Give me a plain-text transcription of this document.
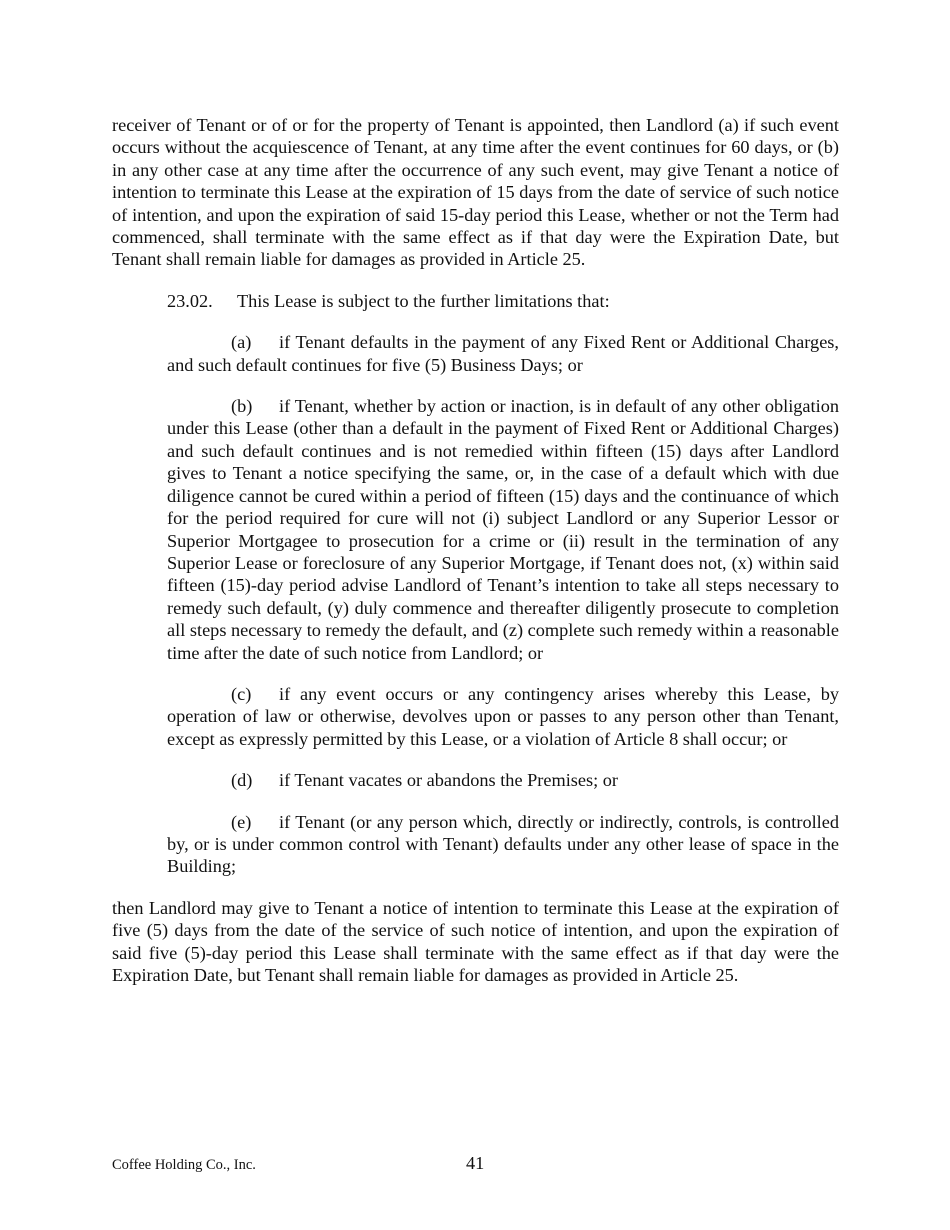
receiver of Tenant or of or for the property of Tenant is appointed, then Landlord (a) if such event occurs without the acquiescence of Tenant, at any time after the event continues for 60 days, or (b) in any other case at any time after the occurrence of any such event, may give Tenant a notice of intention to terminate this Lease at the expiration of 15 days from the date of service of such notice of intention, and upon the expiration of said 15-day period this Lease, whether or not the Term had commenced, shall terminate with the same effect as if that day were the Expiration Date, but Tenant shall remain liable for damages as provided in Article 25.

23.02. This Lease is subject to the further limitations that:

(a) if Tenant defaults in the payment of any Fixed Rent or Additional Charges, and such default continues for five (5) Business Days; or

(b) if Tenant, whether by action or inaction, is in default of any other obligation under this Lease (other than a default in the payment of Fixed Rent or Additional Charges) and such default continues and is not remedied within fifteen (15) days after Landlord gives to Tenant a notice specifying the same, or, in the case of a default which with due diligence cannot be cured within a period of fifteen (15) days and the continuance of which for the period required for cure will not (i) subject Landlord or any Superior Lessor or Superior Mortgagee to prosecution for a crime or (ii) result in the termination of any Superior Lease or foreclosure of any Superior Mortgage, if Tenant does not, (x) within said fifteen (15)-day period advise Landlord of Tenant’s intention to take all steps necessary to remedy such default, (y) duly commence and thereafter diligently prosecute to completion all steps necessary to remedy the default, and (z) complete such remedy within a reasonable time after the date of such notice from Landlord; or

(c) if any event occurs or any contingency arises whereby this Lease, by operation of law or otherwise, devolves upon or passes to any person other than Tenant, except as expressly permitted by this Lease, or a violation of Article 8 shall occur; or

(d) if Tenant vacates or abandons the Premises; or

(e) if Tenant (or any person which, directly or indirectly, controls, is controlled by, or is under common control with Tenant) defaults under any other lease of space in the Building;

then Landlord may give to Tenant a notice of intention to terminate this Lease at the expiration of five (5) days from the date of the service of such notice of intention, and upon the expiration of said five (5)-day period this Lease shall terminate with the same effect as if that day were the Expiration Date, but Tenant shall remain liable for damages as provided in Article 25.

Coffee Holding Co., Inc.	41
